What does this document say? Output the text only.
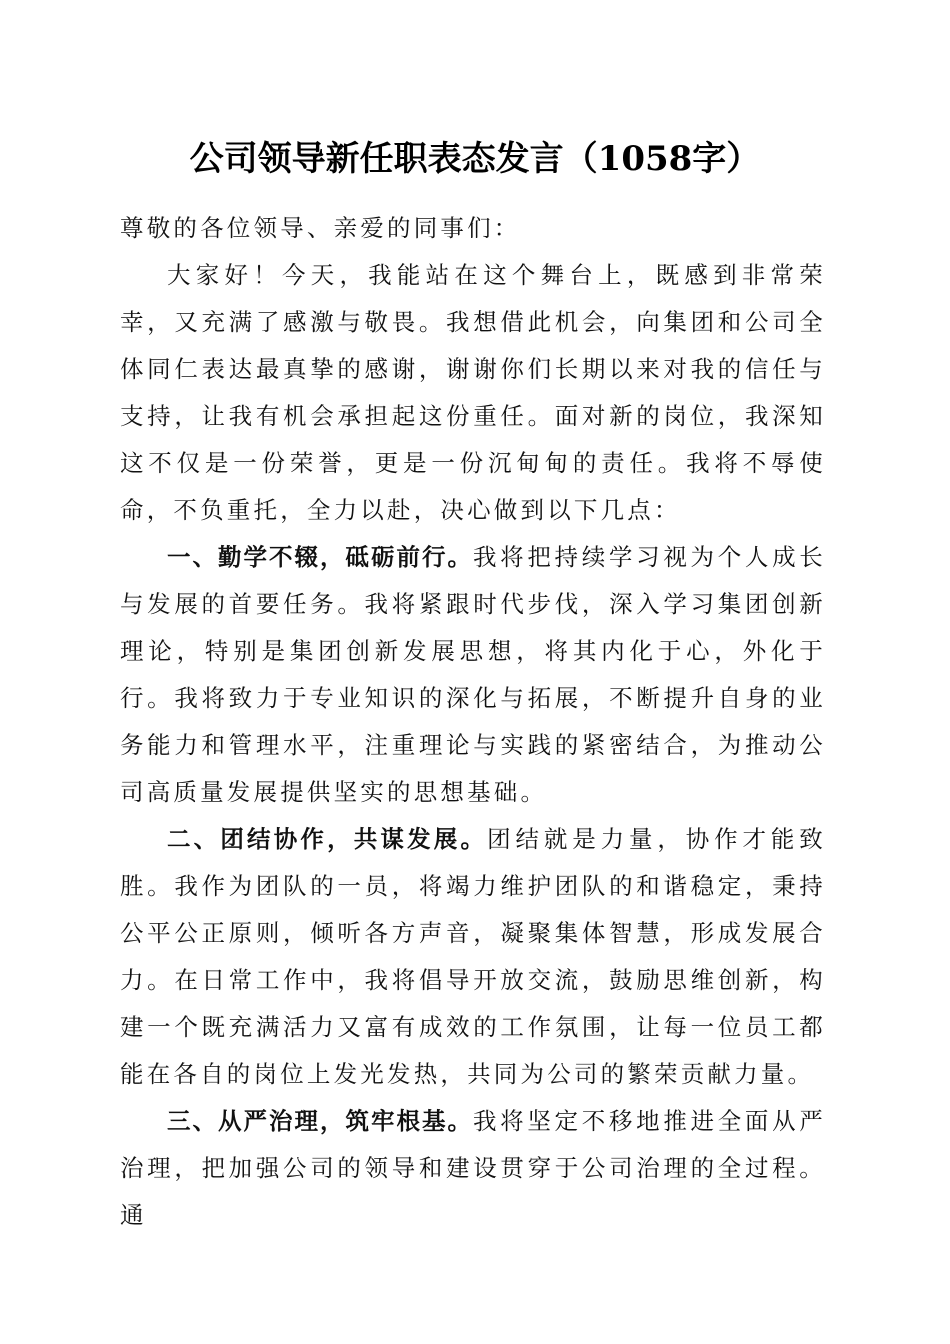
公司领导新任职表态发言（1058字）

尊敬的各位领导、亲爱的同事们：

大家好！今天，我能站在这个舞台上，既感到非常荣幸，又充满了感激与敬畏。我想借此机会，向集团和公司全体同仁表达最真挚的感谢，谢谢你们长期以来对我的信任与支持，让我有机会承担起这份重任。面对新的岗位，我深知这不仅是一份荣誉，更是一份沉甸甸的责任。我将不辱使命，不负重托，全力以赴，决心做到以下几点：

一、勤学不辍，砥砺前行。我将把持续学习视为个人成长与发展的首要任务。我将紧跟时代步伐，深入学习集团创新理论，特别是集团创新发展思想，将其内化于心，外化于行。我将致力于专业知识的深化与拓展，不断提升自身的业务能力和管理水平，注重理论与实践的紧密结合，为推动公司高质量发展提供坚实的思想基础。

二、团结协作，共谋发展。团结就是力量，协作才能致胜。我作为团队的一员，将竭力维护团队的和谐稳定，秉持公平公正原则，倾听各方声音，凝聚集体智慧，形成发展合力。在日常工作中，我将倡导开放交流，鼓励思维创新，构建一个既充满活力又富有成效的工作氛围，让每一位员工都能在各自的岗位上发光发热，共同为公司的繁荣贡献力量。

三、从严治理，筑牢根基。我将坚定不移地推进全面从严治理，把加强公司的领导和建设贯穿于公司治理的全过程。通
